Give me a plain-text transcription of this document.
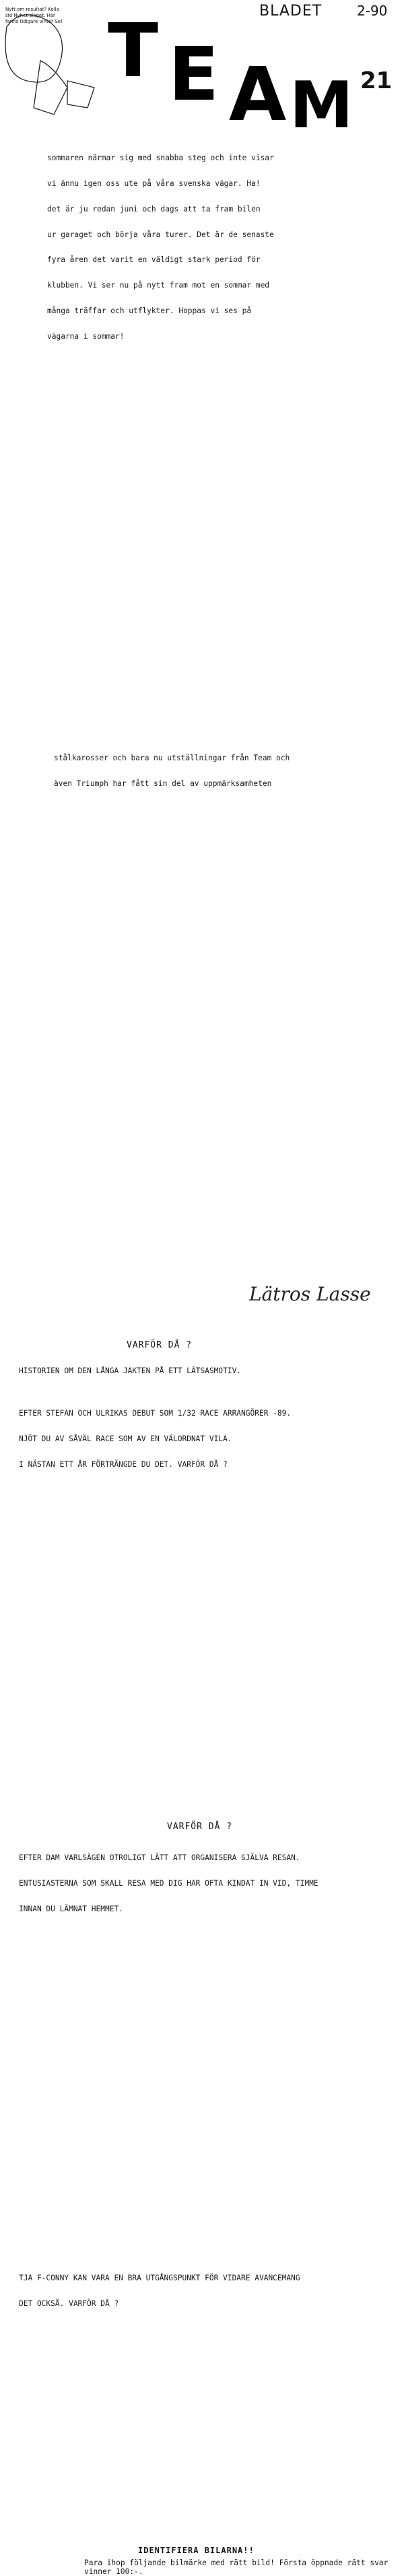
Nytt om resultat? Kolla sid Nyhet-slaget. Här fanns tidigare vinter Se!
BLADET	2-90
T E A M 21

sommaren närmar sig med snabba steg och inte visar

vi ännu igen oss ute på våra svenska vägar. Ha!

det är ju redan juni och dags att ta fram bilen

ur garaget och börja våra turer. Det är de senaste

fyra åren det varit en väldigt stark period för

klubben. Vi ser nu på nytt fram mot en sommar med

många träffar och utflykter. Hoppas vi ses på

vägarna i sommar!

stålkarosser och bara nu utställningar från Team och

även Triumph har fått sin del av uppmärksamheten

Lätros Lasse
VARFÖR DÅ ?

HISTORIEN OM DEN LÅNGA JAKTEN PÅ ETT LÄTSASMOTIV.

EFTER STEFAN OCH ULRIKAS DEBUT SOM 1/32 RACE ARRANGÖRER -89.

NJÖT DU AV SÅVÄL RACE SOM AV EN VÄLORDNAT VILA.

I NÄSTAN ETT ÅR FÖRTRÄNGDE DU DET. VARFÖR DÅ ?

VARFÖR DÅ ?

EFTER DAM VARLSÄGEN OTROLIGT LÄTT ATT ORGANISERA SJÄLVA RESAN.

ENTUSIASTERNA SOM SKALL RESA MED DIG HAR OFTA KINDAT IN VID, TIMME

INNAN DU LÄMNAT HEMMET.

TJA F-CONNY KAN VARA EN BRA UTGÅNGSPUNKT FÖR VIDARE AVANCEMANG

DET OCKSÅ. VARFÖR DÅ ?

IDENTIFIERA BILARNA!!
Para ihop följande bilmärke med rätt bild! Första öppnade rätt svar vinner 100:-.
